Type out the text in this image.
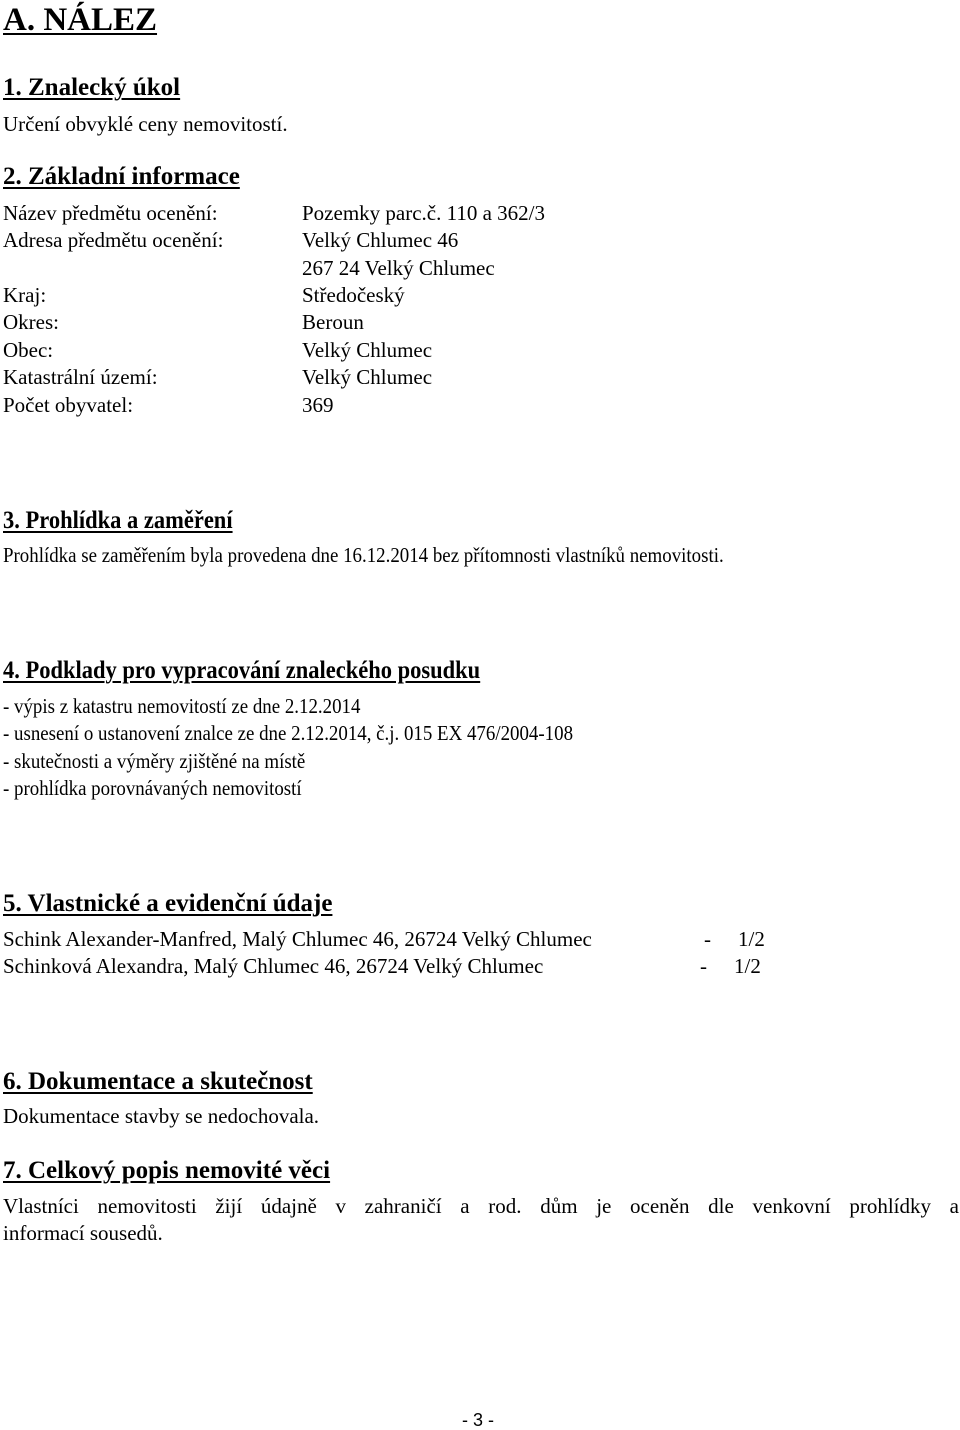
A. NÁLEZ
1. Znalecký úkol
Určení obvyklé ceny nemovitostí.
2. Základní informace
Název předmětu ocenění:	Pozemky parc.č. 110 a 362/3
Adresa předmětu ocenění:	Velký Chlumec 46
267 24 Velký Chlumec
Kraj:	Středočeský
Okres:	Beroun
Obec:	Velký Chlumec
Katastrální území:	Velký Chlumec
Počet obyvatel:	369
3. Prohlídka a zaměření
Prohlídka se zaměřením byla provedena dne 16.12.2014 bez přítomnosti vlastníků nemovitosti.
4. Podklady pro vypracování znaleckého posudku
- výpis z katastru nemovitostí ze dne 2.12.2014
- usnesení o ustanovení znalce ze dne 2.12.2014, č.j. 015 EX 476/2004-108
- skutečnosti a výměry zjištěné na místě
- prohlídka porovnávaných nemovitostí
5. Vlastnické a evidenční údaje
Schink Alexander-Manfred, Malý Chlumec 46, 26724 Velký Chlumec	- 1/2
Schinková Alexandra, Malý Chlumec 46, 26724 Velký Chlumec	- 1/2
6. Dokumentace a skutečnost
Dokumentace stavby se nedochovala.
7. Celkový popis nemovité věci
Vlastníci nemovitosti žijí údajně v zahraničí a rod. dům je oceněn dle venkovní prohlídky a
informací sousedů.
- 3 -
